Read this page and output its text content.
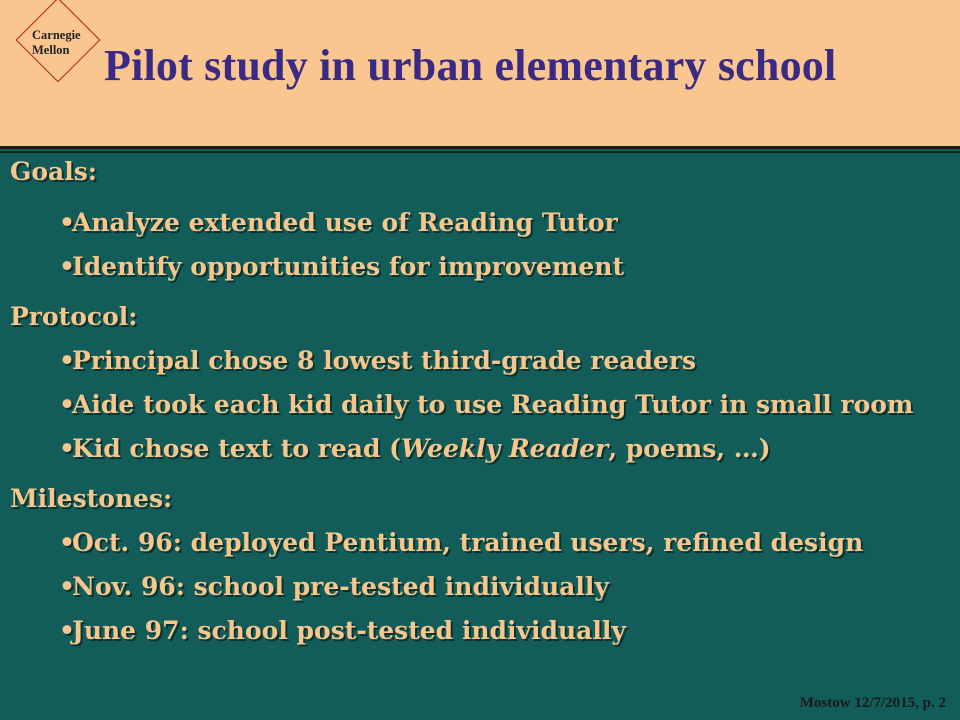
Carnegie
Mellon Pilot study in urban elementary school

Goals:

•
Analyze extended use of Reading Tutor
•
Identify opportunities for improvement

Protocol:

•
Principal chose 8 lowest third-grade readers
•
Aide took each kid daily to use Reading Tutor in small room
•
Kid chose text to read (Weekly Reader, poems, …)

Milestones:

•
Oct. 96: deployed Pentium, trained users, refined design
•
Nov. 96: school pre-tested individually
•
June 97: school post-tested individually
Mostow 12/7/2015, p. 2
